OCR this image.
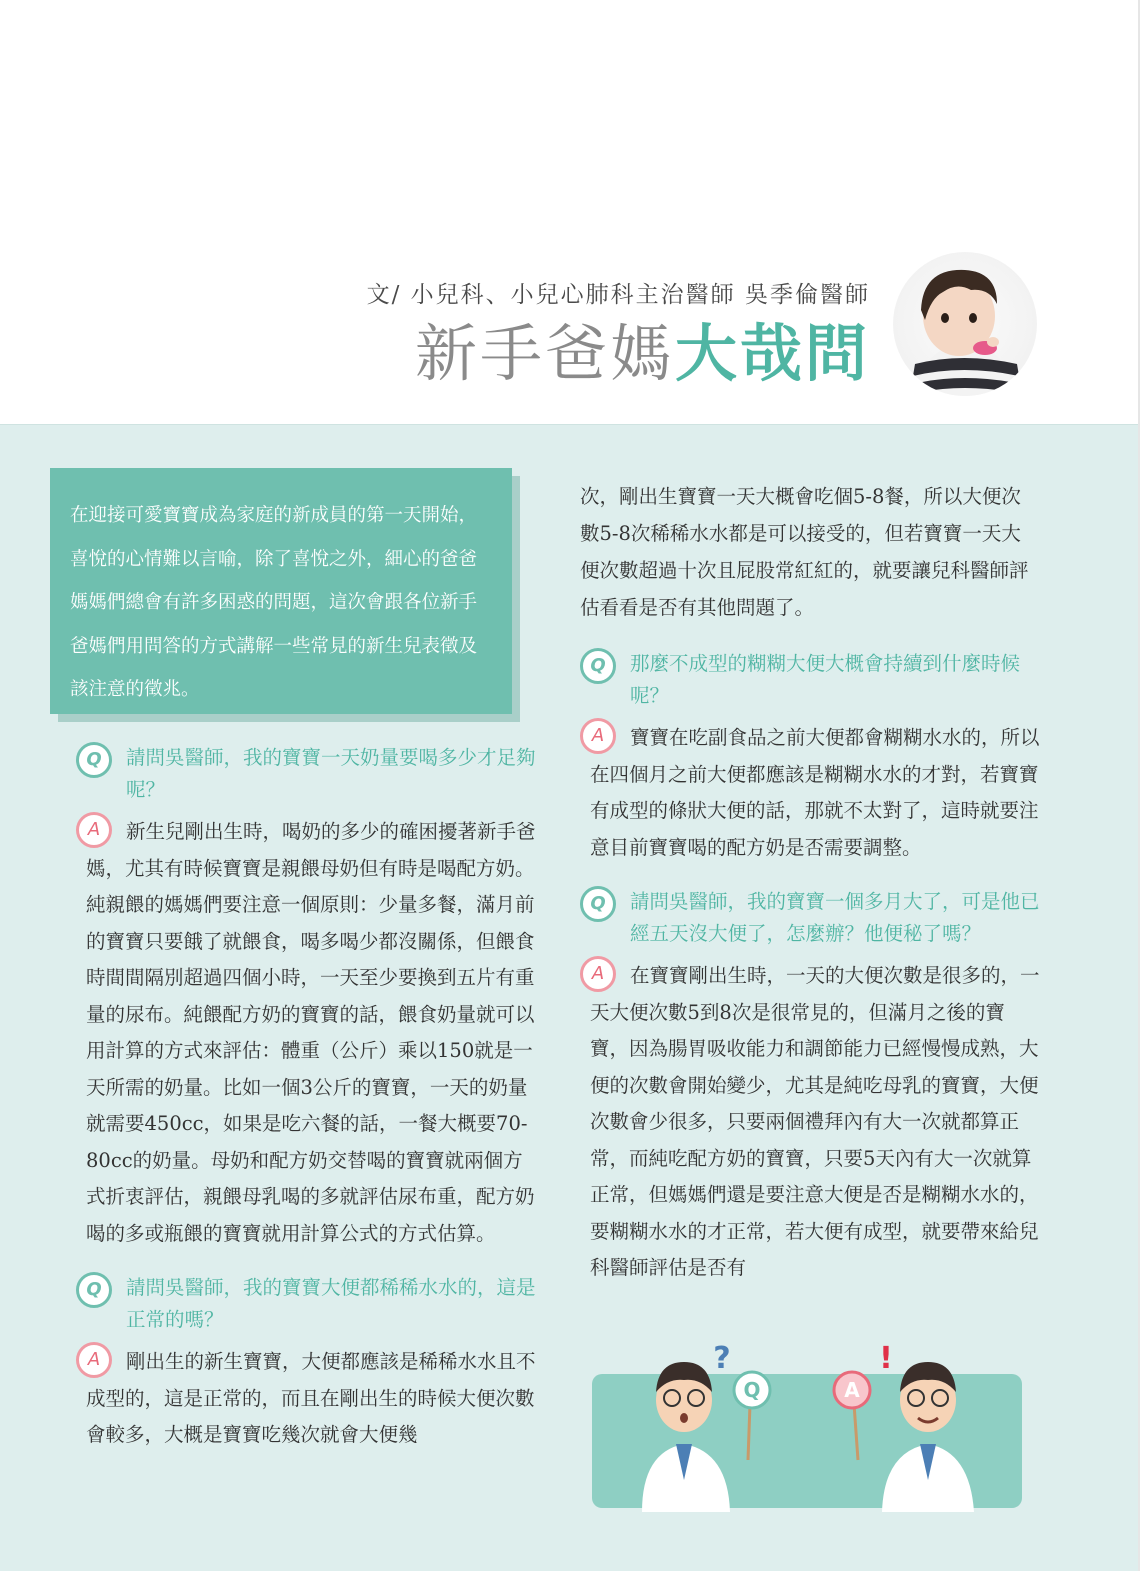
文/ 小兒科、小兒心肺科主治醫師 吳季倫醫師
新手爸媽大哉問

在迎接可愛寶寶成為家庭的新成員的第一天開始，喜悅的心情難以言喻，除了喜悅之外，細心的爸爸媽媽們總會有許多困惑的問題，這次會跟各位新手爸媽們用問答的方式講解一些常見的新生兒表徵及該注意的徵兆。

Q	請問吳醫師，我的寶寶一天奶量要喝多少才足夠呢？
A	新生兒剛出生時，喝奶的多少的確困擾著新手爸媽，尤其有時候寶寶是親餵母奶但有時是喝配方奶。純親餵的媽媽們要注意一個原則：少量多餐，滿月前的寶寶只要餓了就餵食，喝多喝少都沒關係，但餵食時間間隔別超過四個小時，一天至少要換到五片有重量的尿布。純餵配方奶的寶寶的話，餵食奶量就可以用計算的方式來評估：體重（公斤）乘以150就是一天所需的奶量。比如一個3公斤的寶寶，一天的奶量就需要450cc，如果是吃六餐的話，一餐大概要70-80cc的奶量。母奶和配方奶交替喝的寶寶就兩個方式折衷評估，親餵母乳喝的多就評估尿布重，配方奶喝的多或瓶餵的寶寶就用計算公式的方式估算。
Q	請問吳醫師，我的寶寶大便都稀稀水水的，這是正常的嗎？
A	剛出生的新生寶寶，大便都應該是稀稀水水且不成型的，這是正常的，而且在剛出生的時候大便次數會較多，大概是寶寶吃幾次就會大便幾
次，剛出生寶寶一天大概會吃個5-8餐，所以大便次數5-8次稀稀水水都是可以接受的，但若寶寶一天大便次數超過十次且屁股常紅紅的，就要讓兒科醫師評估看看是否有其他問題了。
Q	那麼不成型的糊糊大便大概會持續到什麼時候呢？
A	寶寶在吃副食品之前大便都會糊糊水水的，所以在四個月之前大便都應該是糊糊水水的才對，若寶寶有成型的條狀大便的話，那就不太對了，這時就要注意目前寶寶喝的配方奶是否需要調整。
Q	請問吳醫師，我的寶寶一個多月大了，可是他已經五天沒大便了，怎麼辦？他便秘了嗎？
A	在寶寶剛出生時，一天的大便次數是很多的，一天大便次數5到8次是很常見的，但滿月之後的寶寶，因為腸胃吸收能力和調節能力已經慢慢成熟，大便的次數會開始變少，尤其是純吃母乳的寶寶，大便次數會少很多，只要兩個禮拜內有大一次就都算正常，而純吃配方奶的寶寶，只要5天內有大一次就算正常，但媽媽們還是要注意大便是否是糊糊水水的，要糊糊水水的才正常，若大便有成型，就要帶來給兒科醫師評估是否有
Q
?
A
!
